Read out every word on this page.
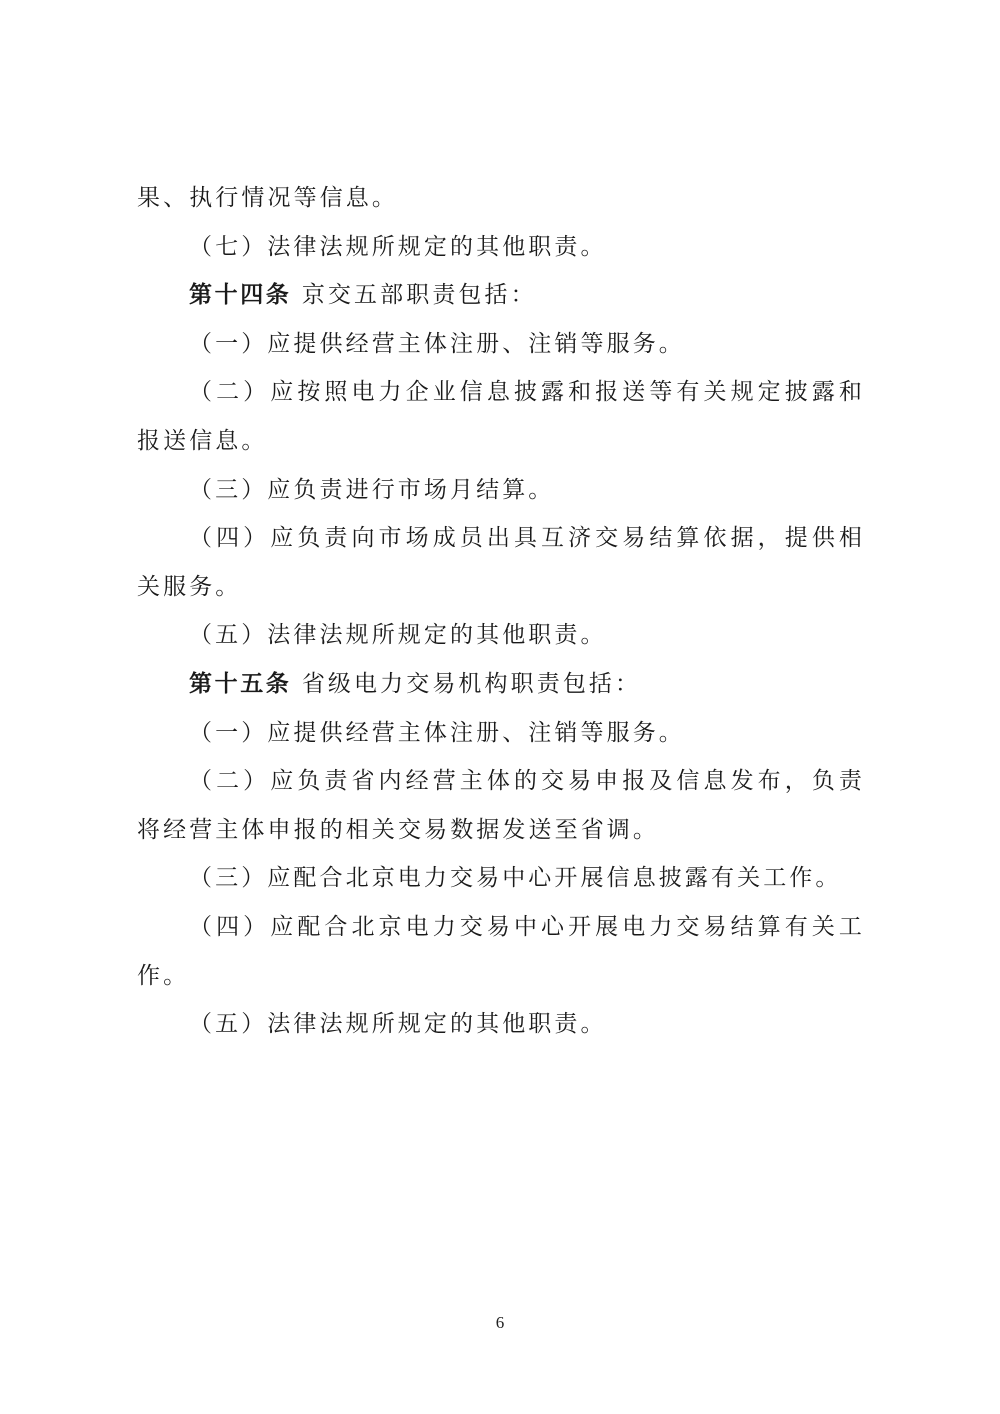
果、执行情况等信息。

（七）法律法规所规定的其他职责。

第十四条 京交五部职责包括：

（一）应提供经营主体注册、注销等服务。

（二）应按照电力企业信息披露和报送等有关规定披露和报送信息。

（三）应负责进行市场月结算。

（四）应负责向市场成员出具互济交易结算依据，提供相关服务。

（五）法律法规所规定的其他职责。

第十五条 省级电力交易机构职责包括：

（一）应提供经营主体注册、注销等服务。

（二）应负责省内经营主体的交易申报及信息发布，负责将经营主体申报的相关交易数据发送至省调。

（三）应配合北京电力交易中心开展信息披露有关工作。

（四）应配合北京电力交易中心开展电力交易结算有关工作。

（五）法律法规所规定的其他职责。

6
